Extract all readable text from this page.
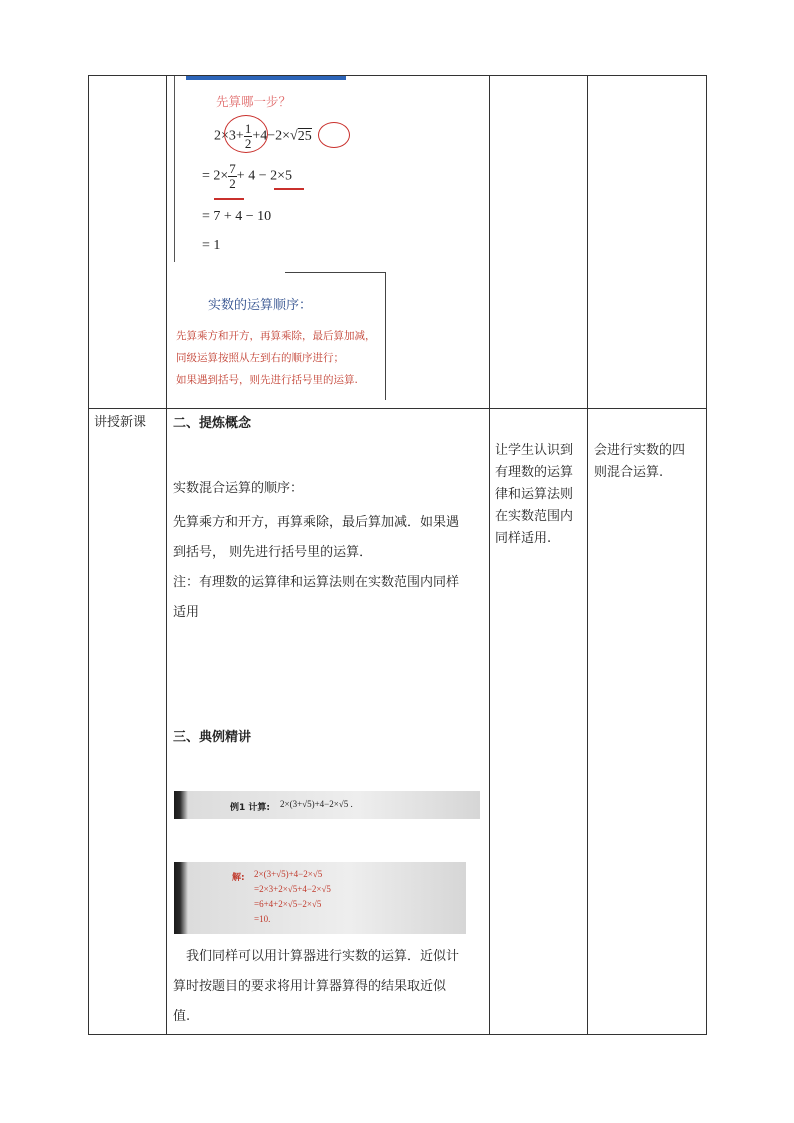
先算哪一步？
$2\times 3+ \frac{1}{2} +4-2\times√25$
= $2\times \frac{7}{2} + 4 - 2\times 5$
= 7 + 4 − 10
= 1
实数的运算顺序：
先算乘方和开方，再算乘除，最后算加减，
同级运算按照从左到右的顺序进行；
如果遇到括号，则先进行括号里的运算.
讲授新课 二、提炼概念
实数混合运算的顺序：
先算乘方和开方，再算乘除，最后算加减．如果遇
到括号， 则先进行括号里的运算．
注：有理数的运算律和运算法则在实数范围内同样
适用
三、典例精讲
例1 计算: 2×(3+√5)+4−2×√5 .
解: 2×(3+√5)+4−2×√5
=2×3+2×√5+4−2×√5
=6+4+2×√5−2×√5
=10.
我们同样可以用计算器进行实数的运算．近似计
算时按题目的要求将用计算器算得的结果取近似
值.
让学生认识到
有理数的运算
律和运算法则
在实数范围内
同样适用.
会进行实数的四
则混合运算.
